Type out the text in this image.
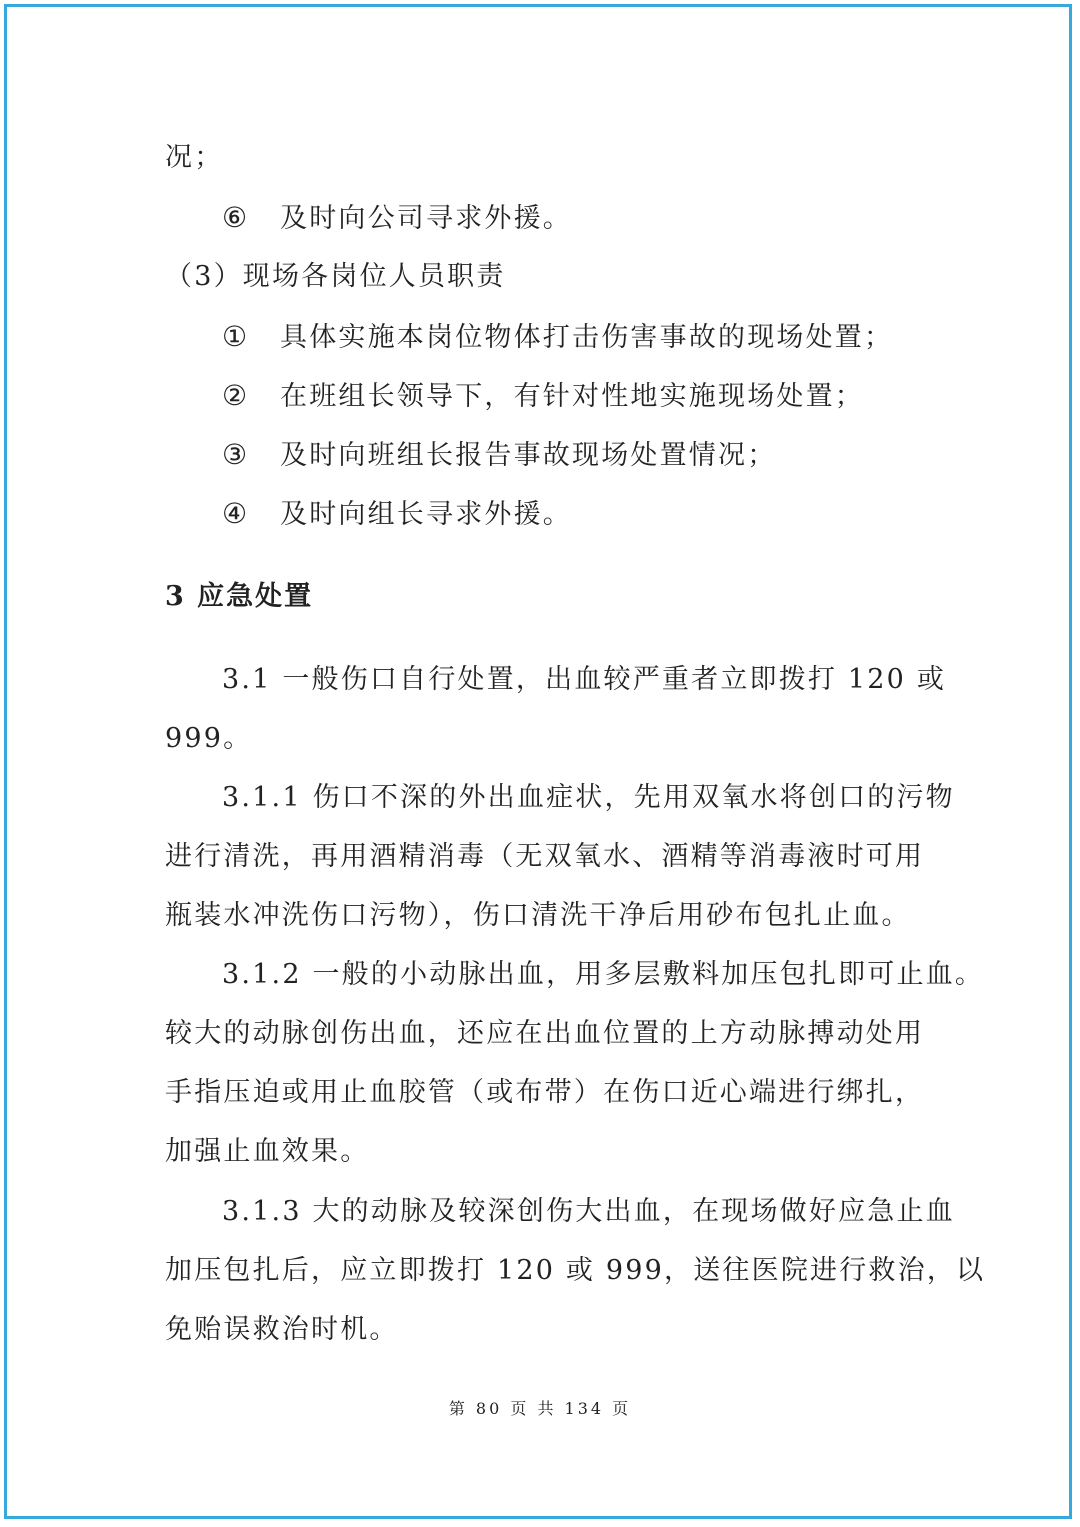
况；
⑥ 及时向公司寻求外援。
（3）现场各岗位人员职责
① 具体实施本岗位物体打击伤害事故的现场处置；
② 在班组长领导下，有针对性地实施现场处置；
③ 及时向班组长报告事故现场处置情况；
④ 及时向组长寻求外援。
3 应急处置
3.1 一般伤口自行处置，出血较严重者立即拨打 120 或
999。
3.1.1 伤口不深的外出血症状，先用双氧水将创口的污物
进行清洗，再用酒精消毒（无双氧水、酒精等消毒液时可用
瓶装水冲洗伤口污物），伤口清洗干净后用砂布包扎止血。
3.1.2 一般的小动脉出血，用多层敷料加压包扎即可止血。
较大的动脉创伤出血，还应在出血位置的上方动脉搏动处用
手指压迫或用止血胶管（或布带）在伤口近心端进行绑扎，
加强止血效果。
3.1.3 大的动脉及较深创伤大出血，在现场做好应急止血
加压包扎后，应立即拨打 120 或 999，送往医院进行救治，以
免贻误救治时机。
第 80 页 共 134 页
